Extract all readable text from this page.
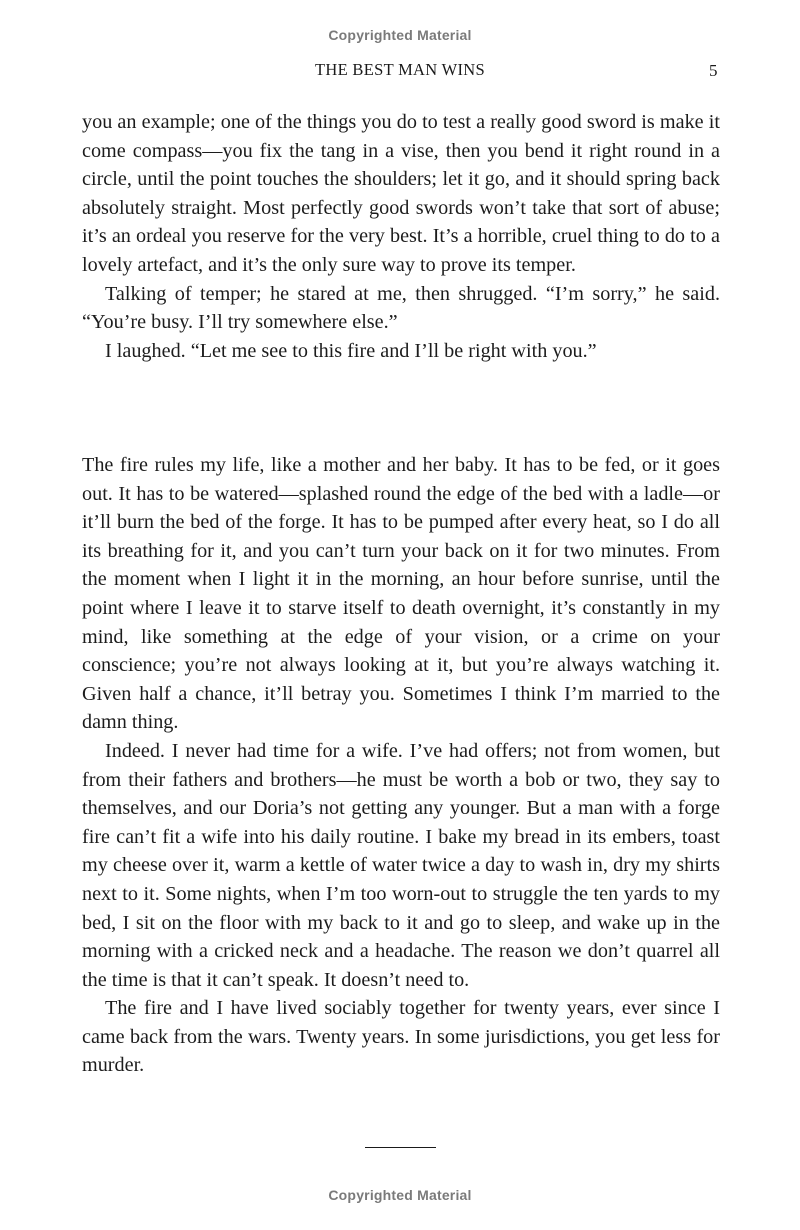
Copyrighted Material
THE BEST MAN WINS	5

you an example; one of the things you do to test a really good sword is make it come compass—you fix the tang in a vise, then you bend it right round in a circle, until the point touches the shoulders; let it go, and it should spring back absolutely straight. Most perfectly good swords won’t take that sort of abuse; it’s an ordeal you reserve for the very best. It’s a horrible, cruel thing to do to a lovely artefact, and it’s the only sure way to prove its temper.

Talking of temper; he stared at me, then shrugged. “I’m sorry,” he said. “You’re busy. I’ll try somewhere else.”

I laughed. “Let me see to this fire and I’ll be right with you.”

The fire rules my life, like a mother and her baby. It has to be fed, or it goes out. It has to be watered—splashed round the edge of the bed with a ladle—or it’ll burn the bed of the forge. It has to be pumped after every heat, so I do all its breathing for it, and you can’t turn your back on it for two minutes. From the moment when I light it in the morning, an hour before sunrise, until the point where I leave it to starve itself to death overnight, it’s constantly in my mind, like something at the edge of your vision, or a crime on your conscience; you’re not always looking at it, but you’re always watching it. Given half a chance, it’ll betray you. Sometimes I think I’m married to the damn thing.

Indeed. I never had time for a wife. I’ve had offers; not from women, but from their fathers and brothers—he must be worth a bob or two, they say to themselves, and our Doria’s not getting any younger. But a man with a forge fire can’t fit a wife into his daily routine. I bake my bread in its embers, toast my cheese over it, warm a kettle of water twice a day to wash in, dry my shirts next to it. Some nights, when I’m too worn-out to struggle the ten yards to my bed, I sit on the floor with my back to it and go to sleep, and wake up in the morning with a cricked neck and a headache. The reason we don’t quarrel all the time is that it can’t speak. It doesn’t need to.

The fire and I have lived sociably together for twenty years, ever since I came back from the wars. Twenty years. In some jurisdictions, you get less for murder.

Copyrighted Material
